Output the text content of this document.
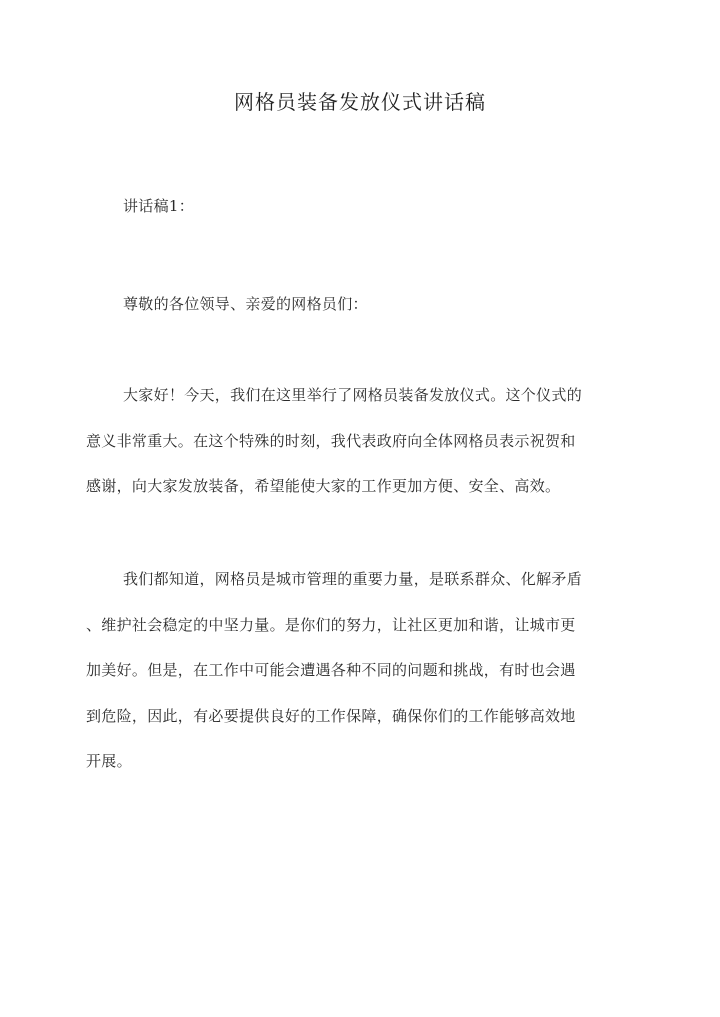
网格员装备发放仪式讲话稿

讲话稿1：

尊敬的各位领导、亲爱的网格员们：

大家好！今天，我们在这里举行了网格员装备发放仪式。这个仪式的
意义非常重大。在这个特殊的时刻，我代表政府向全体网格员表示祝贺和
感谢，向大家发放装备，希望能使大家的工作更加方便、安全、高效。
我们都知道，网格员是城市管理的重要力量，是联系群众、化解矛盾
、维护社会稳定的中坚力量。是你们的努力，让社区更加和谐，让城市更
加美好。但是，在工作中可能会遭遇各种不同的问题和挑战，有时也会遇
到危险，因此，有必要提供良好的工作保障，确保你们的工作能够高效地
开展。
